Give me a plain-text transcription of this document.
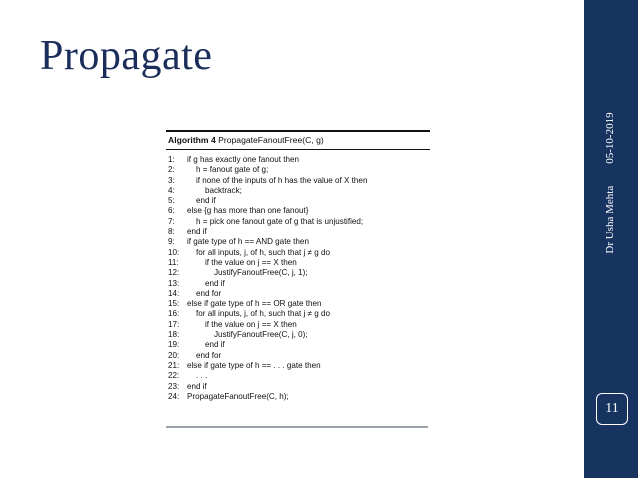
Propagate
Algorithm 4 PropagateFanoutFree(C, g)
1: if g has exactly one fanout then
2:	h = fanout gate of g;
3:	if none of the inputs of h has the value of X then
4:	backtrack;
5:	end if
6: else {g has more than one fanout}
7:	h = pick one fanout gate of g that is unjustified;
8: end if
9: if gate type of h == AND gate then
10: for all inputs, j, of h, such that j ≠ g do
11:	if the value on j == X then
12:	JustifyFanoutFree(C, j, 1);
13:	end if
14: end for
15: else if gate type of h == OR gate then
16: for all inputs, j, of h, such that j ≠ g do
17:	if the value on j == X then
18:	JustifyFanoutFree(C, j, 0);
19:	end if
20: end for
21: else if gate type of h == . . . gate then
22: . . .
23: end if
24: PropagateFanoutFree(C, h);
Dr Usha Mehta05-10-2019
11
